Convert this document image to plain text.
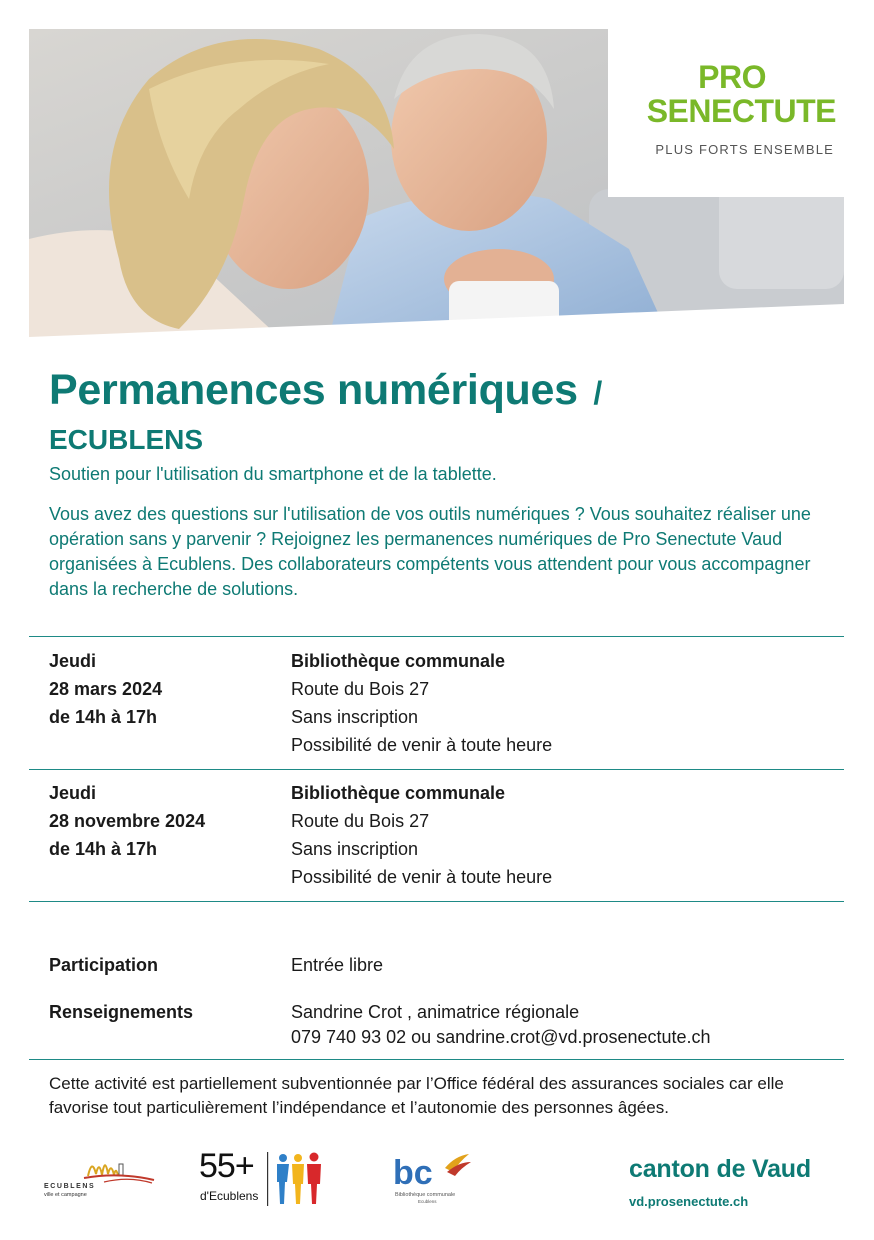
PRO
SENECTUTE
PLUS FORTS ENSEMBLE
Permanences numériques /
ECUBLENS
Soutien pour l'utilisation du smartphone et de la tablette.
Vous avez des questions sur l'utilisation de vos outils numériques ? Vous souhaitez réaliser une opération sans y parvenir ? Rejoignez les permanences numériques de Pro Senectute Vaud organisées à Ecublens. Des collaborateurs compétents vous attendent pour vous accompagner dans la recherche de solutions.
Jeudi
28 mars 2024
de 14h à 17h
Bibliothèque communale
Route du Bois 27
Sans inscription
Possibilité de venir à toute heure
Jeudi
28 novembre 2024
de 14h à 17h
Bibliothèque communale
Route du Bois 27
Sans inscription
Possibilité de venir à toute heure
Participation	Entrée libre
Renseignements	Sandrine Crot , animatrice régionale
079 740 93 02 ou sandrine.crot@vd.prosenectute.ch
Cette activité est partiellement subventionnée par l’Office fédéral des assurances sociales car elle favorise tout particulièrement l’indépendance et l’autonomie des personnes âgées.
ECUBLENS
ville et campagne
55+
d'Ecublens
bc
Bibliothèque communale
Ecublens
canton de Vaud
vd.prosenectute.ch
